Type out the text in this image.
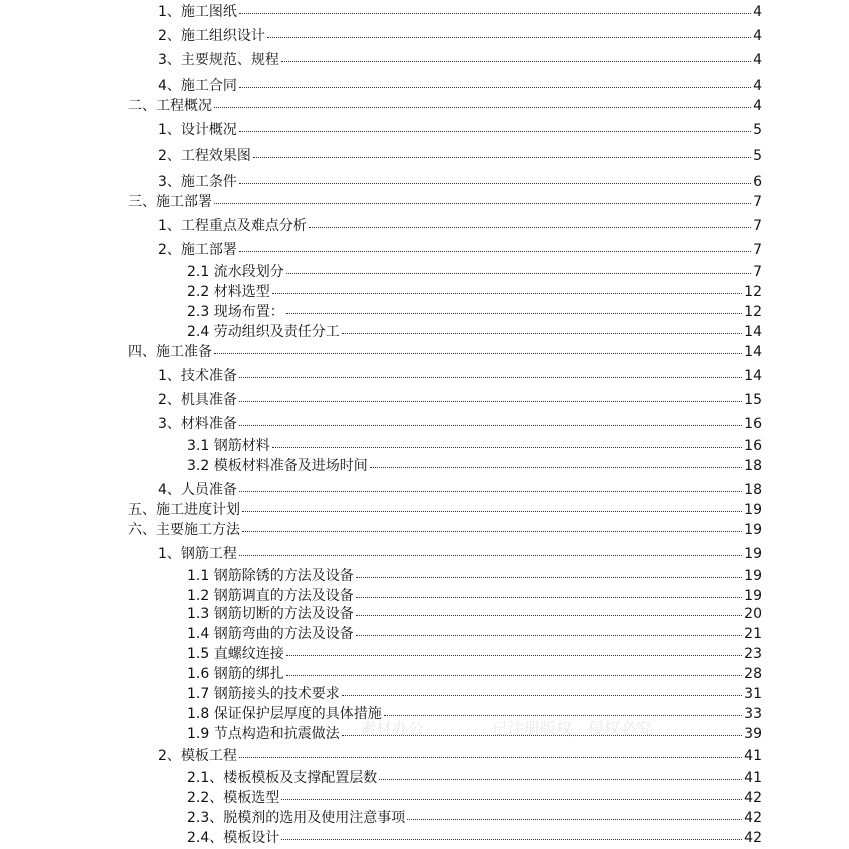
1、施工图纸	4
2、施工组织设计	4
3、主要规范、规程	4
4、施工合同	4
二、工程概况	4
1、设计概况	5
2、工程效果图	5
3、施工条件	6
三、施工部署	7
1、工程重点及难点分析	7
2、施工部署	7
2.1 流水段划分	7
2.2 材料选型	12
2.3 现场布置：	12
2.4 劳动组织及责任分工	14
四、施工准备	14
1、技术准备	14
2、机具准备	15
3、材料准备	16
3.1 钢筋材料	16
3.2 模板材料准备及进场时间	18
4、人员准备	18
五、施工进度计划	19
六、主要施工方法	19
1、钢筋工程	19
1.1 钢筋除锈的方法及设备	19
1.2 钢筋调直的方法及设备	19
1.3 钢筋切断的方法及设备	20
1.4 钢筋弯曲的方法及设备	21
1.5 直螺纹连接	23
1.6 钢筋的绑扎	28
1.7 钢筋接头的技术要求	31
1.8 保证保护层厚度的具体措施	33
1.9 节点构造和抗震做法	39
2、模板工程	41
2.1、楼板模板及支撑配置层数	41
2.2、模板选型	42
2.3、脱模剂的选用及使用注意事项	42
2.4、模板设计	42
素材办公	已注册版权，侵权必究
